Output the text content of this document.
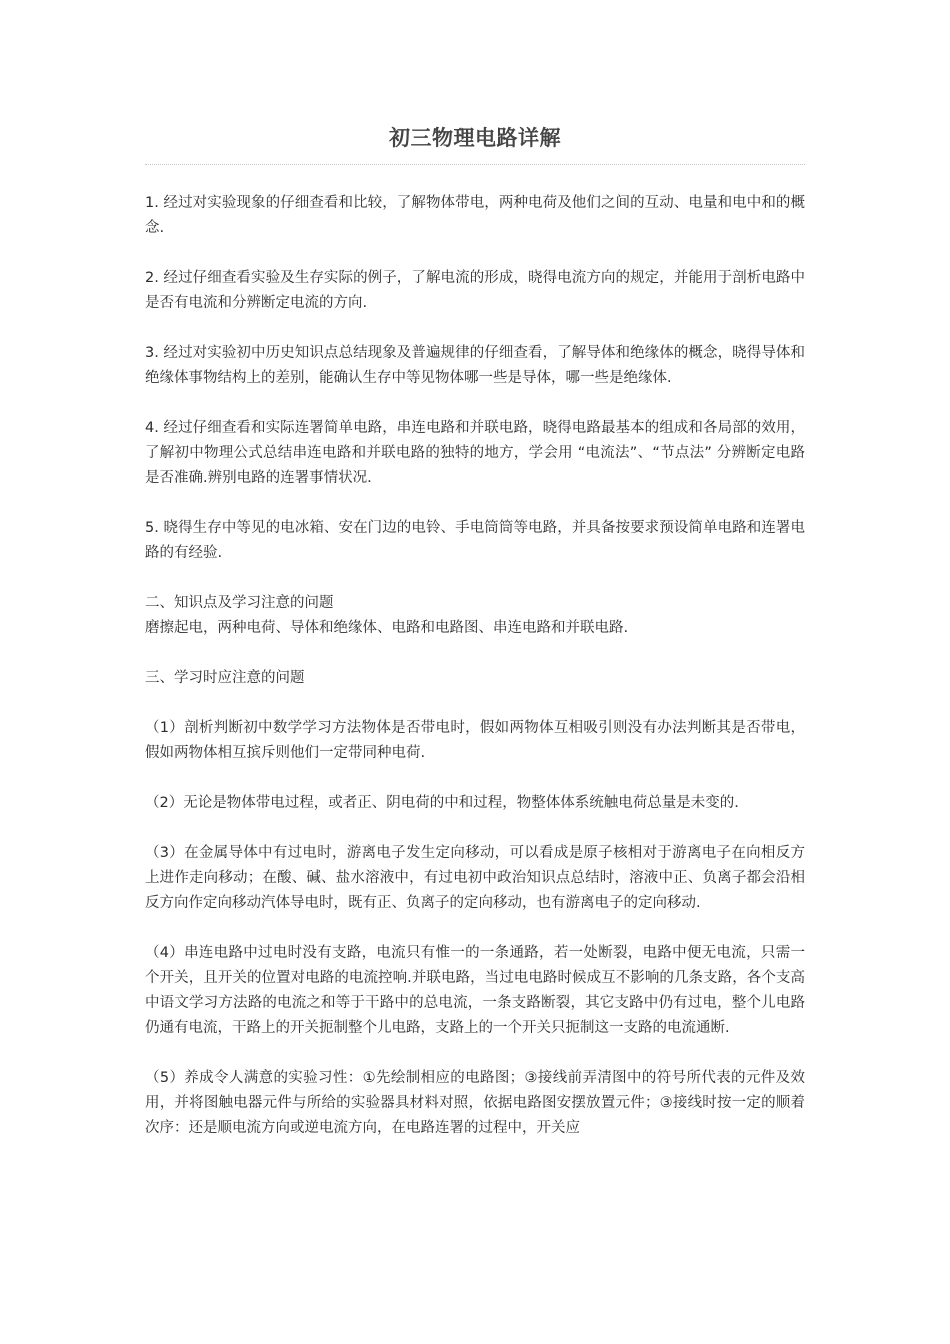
初三物理电路详解

1. 经过对实验现象的仔细查看和比较，了解物体带电，两种电荷及他们之间的互动、电量和电中和的概念.

2. 经过仔细查看实验及生存实际的例子，了解电流的形成，晓得电流方向的规定，并能用于剖析电路中是否有电流和分辨断定电流的方向.

3. 经过对实验初中历史知识点总结现象及普遍规律的仔细查看，了解导体和绝缘体的概念，晓得导体和绝缘体事物结构上的差别，能确认生存中等见物体哪一些是导体，哪一些是绝缘体.

4. 经过仔细查看和实际连署简单电路，串连电路和并联电路，晓得电路最基本的组成和各局部的效用，了解初中物理公式总结串连电路和并联电路的独特的地方，学会用 “电流法”、“节点法” 分辨断定电路是否准确.辨别电路的连署事情状况.

5. 晓得生存中等见的电冰箱、安在门边的电铃、手电筒筒等电路，并具备按要求预设简单电路和连署电路的有经验.

二、知识点及学习注意的问题

磨擦起电，两种电荷、导体和绝缘体、电路和电路图、串连电路和并联电路.

三、学习时应注意的问题

（1）剖析判断初中数学学习方法物体是否带电时，假如两物体互相吸引则没有办法判断其是否带电，假如两物体相互摈斥则他们一定带同种电荷.

（2）无论是物体带电过程，或者正、阴电荷的中和过程，物整体体系统触电荷总量是未变的.

（3）在金属导体中有过电时，游离电子发生定向移动，可以看成是原子核相对于游离电子在向相反方上进作走向移动；在酸、碱、盐水溶液中，有过电初中政治知识点总结时，溶液中正、负离子都会沿相反方向作定向移动汽体导电时，既有正、负离子的定向移动，也有游离电子的定向移动.

（4）串连电路中过电时没有支路，电流只有惟一的一条通路，若一处断裂，电路中便无电流，只需一个开关，且开关的位置对电路的电流控响.并联电路，当过电电路时候成互不影响的几条支路，各个支高中语文学习方法路的电流之和等于干路中的总电流，一条支路断裂，其它支路中仍有过电，整个儿电路仍通有电流，干路上的开关扼制整个儿电路，支路上的一个开关只扼制这一支路的电流通断.

（5）养成令人满意的实验习性：①先绘制相应的电路图；③接线前弄清图中的符号所代表的元件及效用，并将图触电器元件与所给的实验器具材料对照，依据电路图安摆放置元件；③接线时按一定的顺着次序：还是顺电流方向或逆电流方向，在电路连署的过程中，开关应
